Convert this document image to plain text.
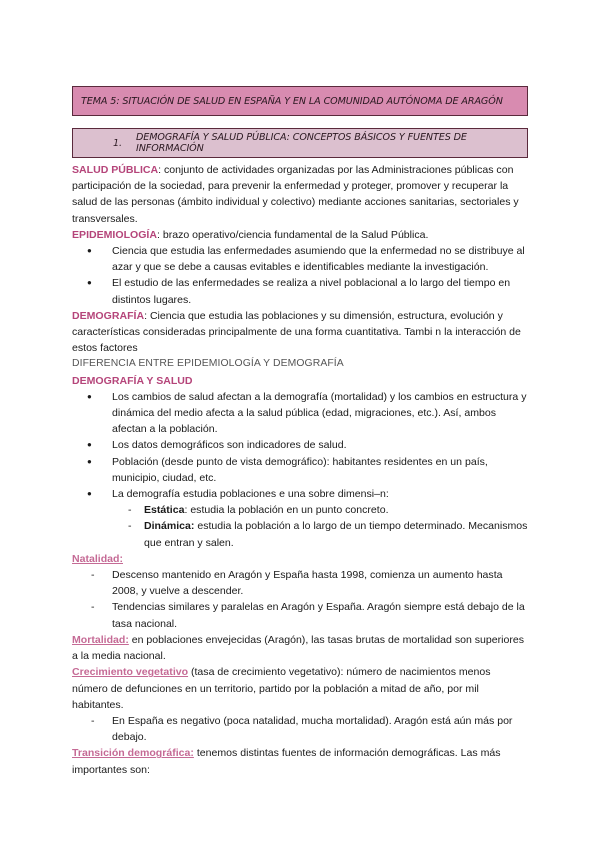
TEMA 5: SITUACIÓN DE SALUD EN ESPAÑA Y EN LA COMUNIDAD AUTÓNOMA DE ARAGÓN
1. DEMOGRAFÍA Y SALUD PÚBLICA: CONCEPTOS BÁSICOS Y FUENTES DE INFORMACIÓN

SALUD PÚBLICA: conjunto de actividades organizadas por las Administraciones públicas con participación de la sociedad, para prevenir la enfermedad y proteger, promover y recuperar la salud de las personas (ámbito individual y colectivo) mediante acciones sanitarias, sectoriales y transversales.

EPIDEMIOLOGÍA: brazo operativo/ciencia fundamental de la Salud Pública.

● Ciencia que estudia las enfermedades asumiendo que la enfermedad no se distribuye al azar y que se debe a causas evitables e identificables mediante la investigación.
● El estudio de las enfermedades se realiza a nivel poblacional a lo largo del tiempo en distintos lugares.

DEMOGRAFÍA: Ciencia que estudia las poblaciones y su dimensión, estructura, evolución y características consideradas principalmente de una forma cuantitativa. Tambi n la interacción de estos factores

DIFERENCIA ENTRE EPIDEMIOLOGÍA Y DEMOGRAFÍA

DEMOGRAFÍA Y SALUD

● Los cambios de salud afectan a la demografía (mortalidad) y los cambios en estructura y dinámica del medio afecta a la salud pública (edad, migraciones, etc.). Así, ambos afectan a la población.
● Los datos demográficos son indicadores de salud.
● Población (desde punto de vista demográfico): habitantes residentes en un país, municipio, ciudad, etc.
● La demografía estudia poblaciones e una sobre dimensi–n:
- Estática: estudia la población en un punto concreto.
- Dinámica: estudia la población a lo largo de un tiempo determinado. Mecanismos que entran y salen.

Natalidad:

- Descenso mantenido en Aragón y España hasta 1998, comienza un aumento hasta 2008, y vuelve a descender.
- Tendencias similares y paralelas en Aragón y España. Aragón siempre está debajo de la tasa nacional.

Mortalidad: en poblaciones envejecidas (Aragón), las tasas brutas de mortalidad son superiores a la media nacional.

Crecimiento vegetativo (tasa de crecimiento vegetativo): número de nacimientos menos número de defunciones en un territorio, partido por la población a mitad de año, por mil habitantes.

- En España es negativo (poca natalidad, mucha mortalidad). Aragón está aún más por debajo.

Transición demográfica: tenemos distintas fuentes de información demográficas. Las más importantes son:
